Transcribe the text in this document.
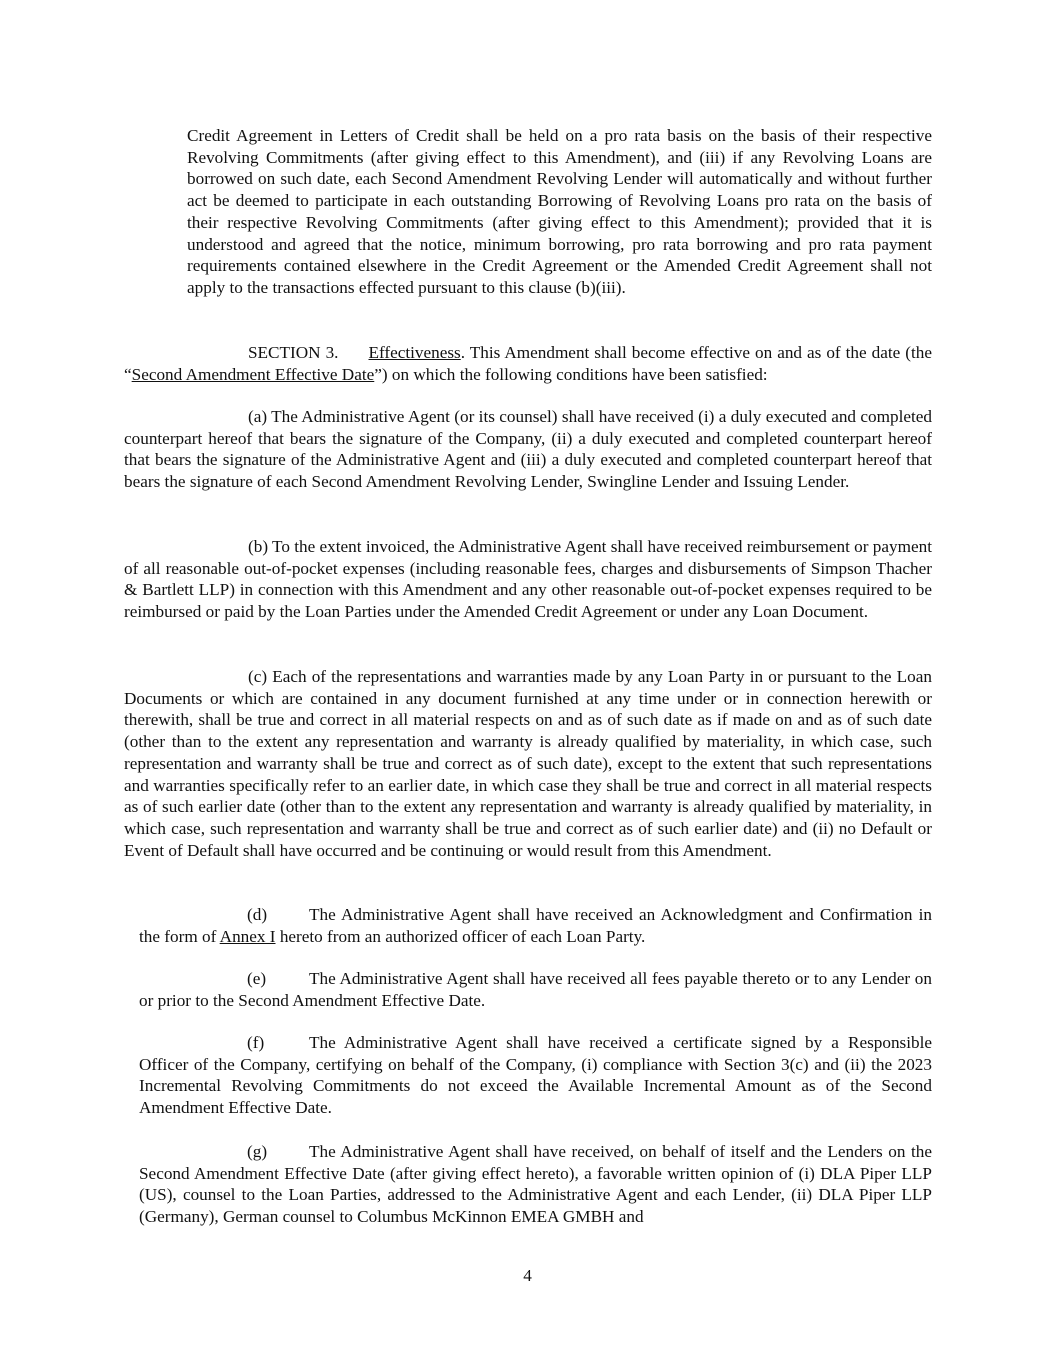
Credit Agreement in Letters of Credit shall be held on a pro rata basis on the basis of their respective Revolving Commitments (after giving effect to this Amendment), and (iii) if any Revolving Loans are borrowed on such date, each Second Amendment Revolving Lender will automatically and without further act be deemed to participate in each outstanding Borrowing of Revolving Loans pro rata on the basis of their respective Revolving Commitments (after giving effect to this Amendment); provided that it is understood and agreed that the notice, minimum borrowing, pro rata borrowing and pro rata payment requirements contained elsewhere in the Credit Agreement or the Amended Credit Agreement shall not apply to the transactions effected pursuant to this clause (b)(iii).

SECTION 3. Effectiveness. This Amendment shall become effective on and as of the date (the “Second Amendment Effective Date”) on which the following conditions have been satisfied:

(a) The Administrative Agent (or its counsel) shall have received (i) a duly executed and completed counterpart hereof that bears the signature of the Company, (ii) a duly executed and completed counterpart hereof that bears the signature of the Administrative Agent and (iii) a duly executed and completed counterpart hereof that bears the signature of each Second Amendment Revolving Lender, Swingline Lender and Issuing Lender.

(b) To the extent invoiced, the Administrative Agent shall have received reimbursement or payment of all reasonable out-of-pocket expenses (including reasonable fees, charges and disbursements of Simpson Thacher & Bartlett LLP) in connection with this Amendment and any other reasonable out-of-pocket expenses required to be reimbursed or paid by the Loan Parties under the Amended Credit Agreement or under any Loan Document.

(c) Each of the representations and warranties made by any Loan Party in or pursuant to the Loan Documents or which are contained in any document furnished at any time under or in connection herewith or therewith, shall be true and correct in all material respects on and as of such date as if made on and as of such date (other than to the extent any representation and warranty is already qualified by materiality, in which case, such representation and warranty shall be true and correct as of such date), except to the extent that such representations and warranties specifically refer to an earlier date, in which case they shall be true and correct in all material respects as of such earlier date (other than to the extent any representation and warranty is already qualified by materiality, in which case, such representation and warranty shall be true and correct as of such earlier date) and (ii) no Default or Event of Default shall have occurred and be continuing or would result from this Amendment.

(d) The Administrative Agent shall have received an Acknowledgment and Confirmation in the form of Annex I hereto from an authorized officer of each Loan Party.

(e) The Administrative Agent shall have received all fees payable thereto or to any Lender on or prior to the Second Amendment Effective Date.

(f)	The Administrative Agent shall have received a certificate signed by a Responsible Officer of the Company, certifying on behalf of the Company, (i) compliance with Section 3(c) and (ii) the 2023 Incremental Revolving Commitments do not exceed the Available Incremental Amount as of the Second Amendment Effective Date.

(g) The Administrative Agent shall have received, on behalf of itself and the Lenders on the Second Amendment Effective Date (after giving effect hereto), a favorable written opinion of (i) DLA Piper LLP (US), counsel to the Loan Parties, addressed to the Administrative Agent and each Lender, (ii) DLA Piper LLP (Germany), German counsel to Columbus McKinnon EMEA GMBH and

4
